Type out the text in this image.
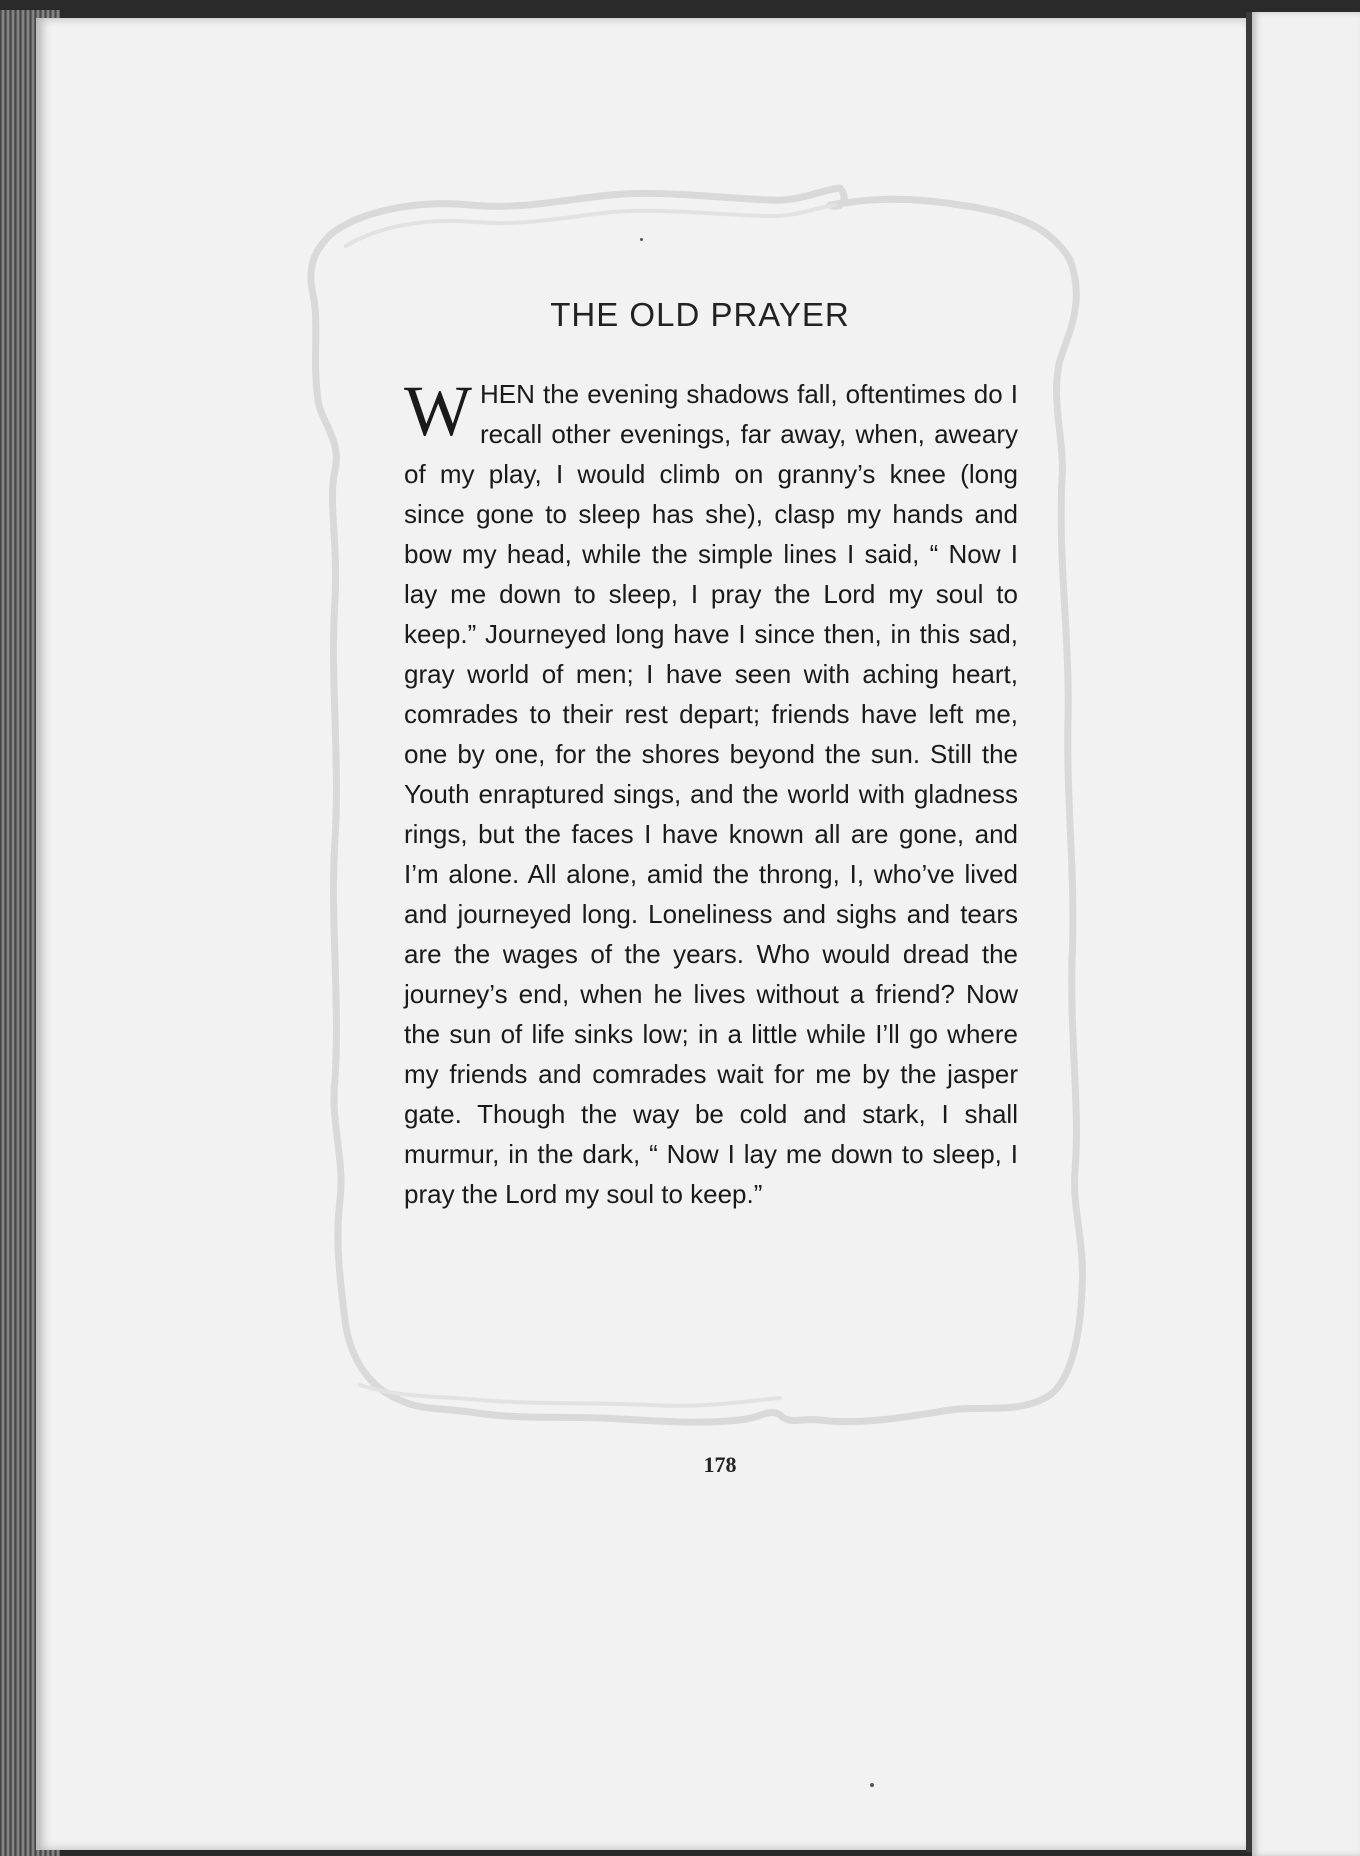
THE OLD PRAYER
WHEN the evening shadows fall, oftentimes do I recall other evenings, far away, when, aweary of my play, I would climb on granny’s knee (long since gone to sleep has she), clasp my hands and bow my head, while the simple lines I said, “ Now I lay me down to sleep, I pray the Lord my soul to keep.” Journeyed long have I since then, in this sad, gray world of men; I have seen with aching heart, comrades to their rest depart; friends have left me, one by one, for the shores beyond the sun. Still the Youth enraptured sings, and the world with gladness rings, but the faces I have known all are gone, and I’m alone. All alone, amid the throng, I, who’ve lived and journeyed long. Loneliness and sighs and tears are the wages of the years. Who would dread the journey’s end, when he lives without a friend? Now the sun of life sinks low; in a little while I’ll go where my friends and comrades wait for me by the jasper gate. Though the way be cold and stark, I shall murmur, in the dark, “ Now I lay me down to sleep, I pray the Lord my soul to keep.”
178
